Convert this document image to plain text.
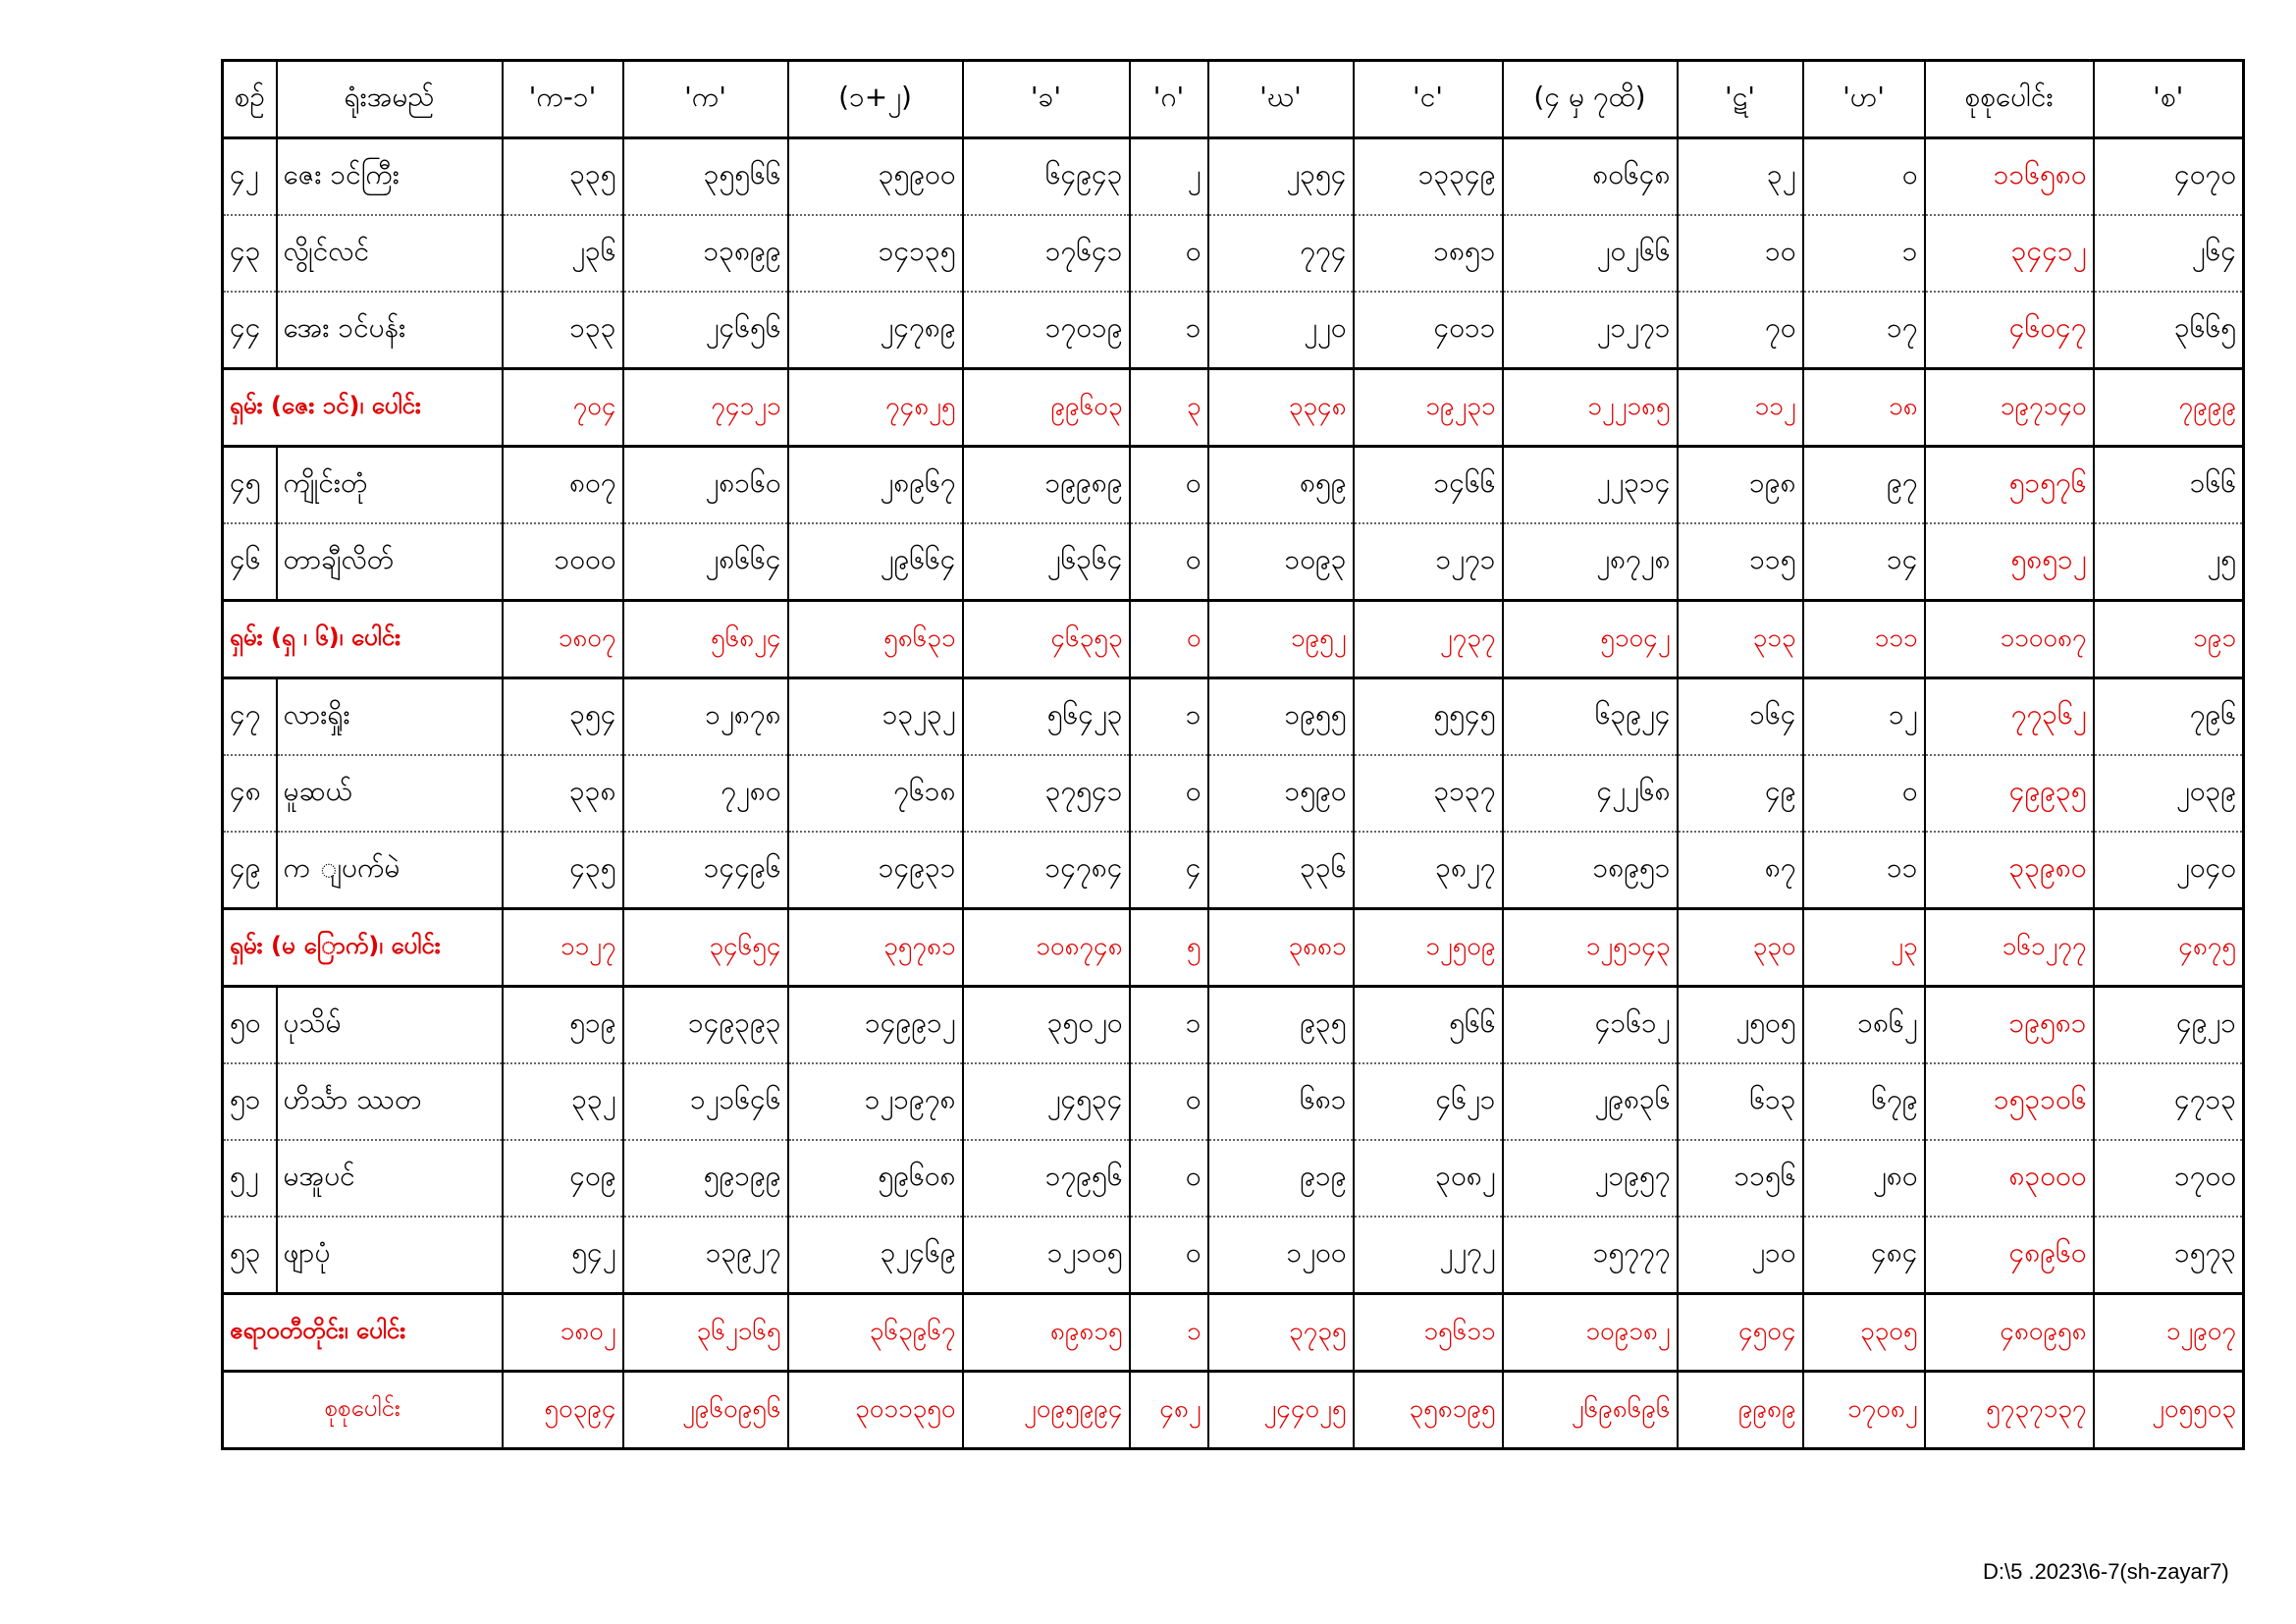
စဉ်	ရုံးအမည်	'က-၁'	'က'	(၁+၂)	'ခ'	'ဂ'	'ဃ'	'င'	(၄ မှ ၇ထိ)	'ဋ'	'ဟ'	စုစုပေါင်း	'စ'
၄၂	ဇေး ၁င်ကြီး	၃၃၅	၃၅၅၆၆	၃၅၉၀၀	၆၄၉၄၃	၂	၂၃၅၄	၁၃၃၄၉	၈၀၆၄၈	၃၂	၀	၁၁၆၅၈၀	၄၀၇၀
၄၃	လွိုင်လင်	၂၃၆	၁၃၈၉၉	၁၄၁၃၅	၁၇၆၄၁	၀	၇၇၄	၁၈၅၁	၂၀၂၆၆	၁၀	၁	၃၄၄၁၂	၂၆၄
၄၄	အေး ၁င်ပန်း	၁၃၃	၂၄၆၅၆	၂၄၇၈၉	၁၇၀၁၉	၁	၂၂၀	၄၀၁၁	၂၁၂၇၁	၇၀	၁၇	၄၆၀၄၇	၃၆၆၅
ရှမ်း (ဇေး ၁င်)၊ ပေါင်း		၇၀၄	၇၄၁၂၁	၇၄၈၂၅	၉၉၆၀၃	၃	၃၃၄၈	၁၉၂၃၁	၁၂၂၁၈၅	၁၁၂	၁၈	၁၉၇၁၄၀	၇၉၉၉
၄၅	ကျိုင်းတုံ	၈၀၇	၂၈၁၆၀	၂၈၉၆၇	၁၉၉၈၉	၀	၈၅၉	၁၄၆၆	၂၂၃၁၄	၁၉၈	၉၇	၅၁၅၇၆	၁၆၆
၄၆	တာချီလိတ်	၁၀၀၀	၂၈၆၆၄	၂၉၆၆၄	၂၆၃၆၄	၀	၁၀၉၃	၁၂၇၁	၂၈၇၂၈	၁၁၅	၁၄	၅၈၅၁၂	၂၅
ရှမ်း (ရှ ၊ ၆)၊ ပေါင်း		၁၈၀၇	၅၆၈၂၄	၅၈၆၃၁	၄၆၃၅၃	၀	၁၉၅၂	၂၇၃၇	၅၁၀၄၂	၃၁၃	၁၁၁	၁၁၀၀၈၇	၁၉၁
၄၇	လားရှိုး	၃၅၄	၁၂၈၇၈	၁၃၂၃၂	၅၆၄၂၃	၁	၁၉၅၅	၅၅၄၅	၆၃၉၂၄	၁၆၄	၁၂	၇၇၃၆၂	၇၉၆
၄၈	မူဆယ်	၃၃၈	၇၂၈၀	၇၆၁၈	၃၇၅၄၁	၀	၁၅၉၀	၃၁၃၇	၄၂၂၆၈	၄၉	၀	၄၉၉၃၅	၂၀၃၉
၄၉	က ျပက်မဲ	၄၃၅	၁၄၄၉၆	၁၄၉၃၁	၁၄၇၈၄	၄	၃၃၆	၃၈၂၇	၁၈၉၅၁	၈၇	၁၁	၃၃၉၈၀	၂၀၄၀
ရှမ်း (မ ြောက်)၊ ပေါင်း		၁၁၂၇	၃၄၆၅၄	၃၅၇၈၁	၁၀၈၇၄၈	၅	၃၈၈၁	၁၂၅၀၉	၁၂၅၁၄၃	၃၃၀	၂၃	၁၆၁၂၇၇	၄၈၇၅
၅၀	ပုသိမ်	၅၁၉	၁၄၉၃၉၃	၁၄၉၉၁၂	၃၅၀၂၀	၁	၉၃၅	၅၆၆	၄၁၆၁၂	၂၅၀၅	၁၈၆၂	၁၉၅၈၁	၄၉၂၁
၅၁	ဟိင်္သာ ဿတ	၃၃၂	၁၂၁၆၄၆	၁၂၁၉၇၈	၂၄၅၃၄	၀	၆၈၁	၄၆၂၁	၂၉၈၃၆	၆၁၃	၆၇၉	၁၅၃၁၀၆	၄၇၁၃
၅၂	မအူပင်	၄၀၉	၅၉၁၉၉	၅၉၆၀၈	၁၇၉၅၆	၀	၉၁၉	၃၀၈၂	၂၁၉၅၇	၁၁၅၆	၂၈၀	၈၃၀၀၀	၁၇၀၀
၅၃	ဖျာပုံ	၅၄၂	၁၃၉၂၇	၃၂၄၆၉	၁၂၁၀၅	၀	၁၂၀၀	၂၂၇၂	၁၅၇၇၇	၂၁၀	၄၈၄	၄၈၉၆၀	၁၅၇၃
ဧရာဝတီတိုင်း၊ ပေါင်း		၁၈၀၂	၃၆၂၁၆၅	၃၆၃၉၆၇	၈၉၈၁၅	၁	၃၇၃၅	၁၅၆၁၁	၁၀၉၁၈၂	၄၅၀၄	၃၃၀၅	၄၈၀၉၅၈	၁၂၉၀၇
စုစုပေါင်း		၅၀၃၉၄	၂၉၆၀၉၅၆	၃၀၁၁၃၅၀	၂၀၉၅၉၉၄	၄၈၂	၂၄၄၀၂၅	၃၅၈၁၉၅	၂၆၉၈၆၉၆	၉၉၈၉	၁၇၀၈၂	၅၇၃၇၁၃၇	၂၀၅၅၀၃
D:\5 .2023\6-7(sh-zayar7)
